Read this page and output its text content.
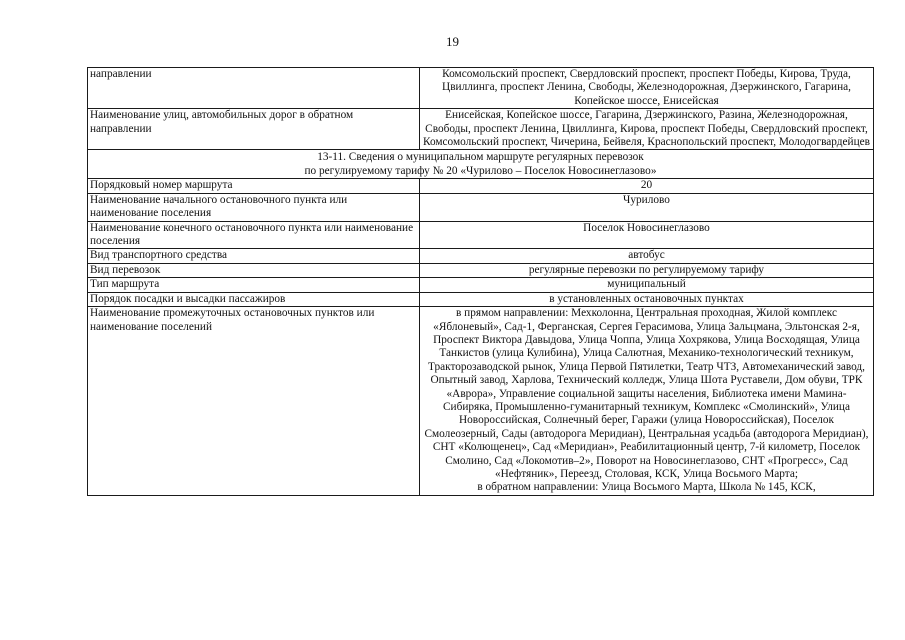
19
направлении	Комсомольский проспект, Свердловский проспект, проспект Победы, Кирова, Труда, Цвиллинга, проспект Ленина, Свободы, Железнодорожная, Дзержинского, Гагарина, Копейское шоссе, Енисейская
Наименование улиц, автомобильных дорог в обратном направлении	Енисейская, Копейское шоссе, Гагарина, Дзержинского, Разина, Железнодорожная, Свободы, проспект Ленина, Цвиллинга, Кирова, проспект Победы, Свердловский проспект, Комсомольский проспект, Чичерина, Бейвеля, Краснопольский проспект, Молодогвардейцев

13-11. Сведения о муниципальном маршруте регулярных перевозок
по регулируемому тарифу № 20 «Чурилово – Поселок Новосинеглазово»	

Порядковый номер маршрута	20
Наименование начального остановочного пункта или наименование поселения	Чурилово
Наименование конечного остановочного пункта или наименование поселения	Поселок Новосинеглазово
Вид транспортного средства	автобус
Вид перевозок	регулярные перевозки по регулируемому тарифу
Тип маршрута	муниципальный
Порядок посадки и высадки пассажиров	в установленных остановочных пунктах
Наименование промежуточных остановочных пунктов или наименование поселений	в прямом направлении: Мехколонна, Центральная проходная, Жилой комплекс «Яблоневый», Сад-1, Ферганская, Сергея Герасимова, Улица Зальцмана, Эльтонская 2-я, Проспект Виктора Давыдова, Улица Чоппа, Улица Хохрякова, Улица Восходящая, Улица Танкистов (улица Кулибина), Улица Салютная, Механико-технологический техникум, Тракторозаводской рынок, Улица Первой Пятилетки, Театр ЧТЗ, Автомеханический завод, Опытный завод, Харлова, Технический колледж, Улица Шота Руставели, Дом обуви, ТРК «Аврора», Управление социальной защиты населения, Библиотека имени Мамина-Сибиряка, Промышленно-гуманитарный техникум, Комплекс «Смолинский», Улица Новороссийская, Солнечный берег, Гаражи (улица Новороссийская), Поселок Смолеозерный, Сады (автодорога Меридиан), Центральная усадьба (автодорога Меридиан), СНТ «Колющенец», Сад «Меридиан», Реабилитационный центр, 7-й километр, Поселок Смолино, Сад «Локомотив–2», Поворот на Новосинеглазово, СНТ «Прогресс», Сад «Нефтяник», Переезд, Столовая, КСК, Улица Восьмого Марта;
в обратном направлении: Улица Восьмого Марта, Школа № 145, КСК,
